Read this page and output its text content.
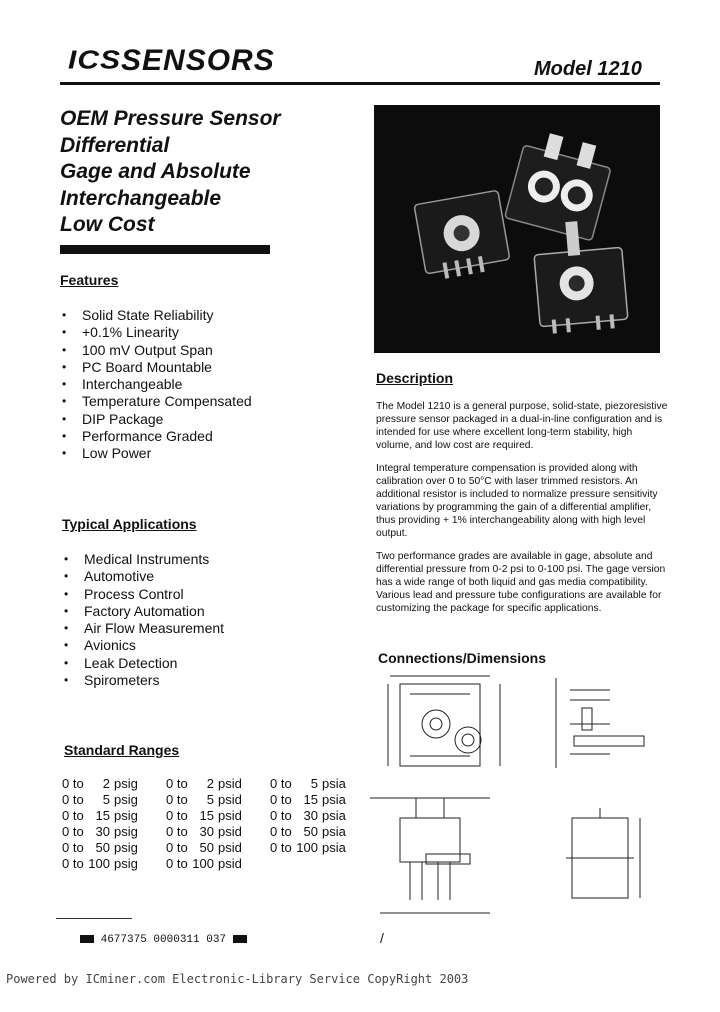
ICSSENSORS	Model 1210
OEM Pressure Sensor
Differential
Gage and Absolute
Interchangeable
Low Cost
Features
• Solid State Reliability
• +0.1% Linearity
• 100 mV Output Span
• PC Board Mountable
• Interchangeable
• Temperature Compensated
• DIP Package
• Performance Graded
• Low Power
Typical Applications
• Medical Instruments
• Automotive
• Process Control
• Factory Automation
• Air Flow Measurement
• Avionics
• Leak Detection
• Spirometers
Standard Ranges
0 to	2	psig	0 to	2	psid	0 to	5	psia
0 to	5	psig	0 to	5	psid	0 to	15	psia
0 to	15	psig	0 to	15	psid	0 to	30	psia
0 to	30	psig	0 to	30	psid	0 to	50	psia
0 to	50	psig	0 to	50	psid	0 to	100	psia
0 to	100	psig	0 to	100	psid			
Description

The Model 1210 is a general purpose, solid-state, piezoresistive pressure sensor packaged in a dual-in-line configuration and is intended for use where excellent long-term stability, high volume, and low cost are required.

Integral temperature compensation is provided along with calibration over 0 to 50°C with laser trimmed resistors. An additional resistor is included to normalize pressure sensitivity variations by programming the gain of a differential amplifier, thus providing + 1% interchangeability along with high level output.

Two performance grades are available in gage, absolute and differential pressure from 0-2 psi to 0-100 psi. The gage version has a wide range of both liquid and gas media compatibility. Various lead and pressure tube configurations are available for customizing the package for specific applications.

Connections/Dimensions
4677375 0000311 037	/
Powered by ICminer.com Electronic-Library Service CopyRight 2003
